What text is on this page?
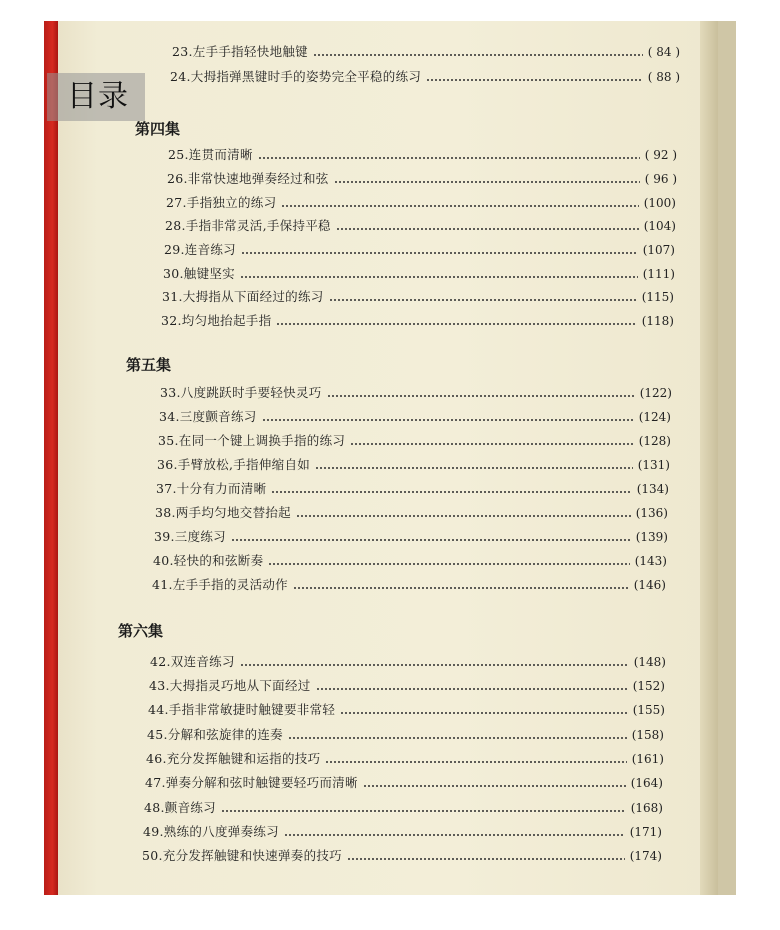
目录
第四集
第五集
第六集
23.左手手指轻快地触键	( 84 )
24.大拇指弹黑键时手的姿势完全平稳的练习	( 88 )
25.连贯而清晰	( 92 )
26.非常快速地弹奏经过和弦	( 96 )
27.手指独立的练习	(100)
28.手指非常灵活,手保持平稳	(104)
29.连音练习	(107)
30.触键坚实	(111)
31.大拇指从下面经过的练习	(115)
32.均匀地抬起手指	(118)
33.八度跳跃时手要轻快灵巧	(122)
34.三度颤音练习	(124)
35.在同一个键上调换手指的练习	(128)
36.手臂放松,手指伸缩自如	(131)
37.十分有力而清晰	(134)
38.两手均匀地交替抬起	(136)
39.三度练习	(139)
40.轻快的和弦断奏	(143)
41.左手手指的灵活动作	(146)
42.双连音练习	(148)
43.大拇指灵巧地从下面经过	(152)
44.手指非常敏捷时触键要非常轻	(155)
45.分解和弦旋律的连奏	(158)
46.充分发挥触键和运指的技巧	(161)
47.弹奏分解和弦时触键要轻巧而清晰	(164)
48.颤音练习	(168)
49.熟练的八度弹奏练习	(171)
50.充分发挥触键和快速弹奏的技巧	(174)
